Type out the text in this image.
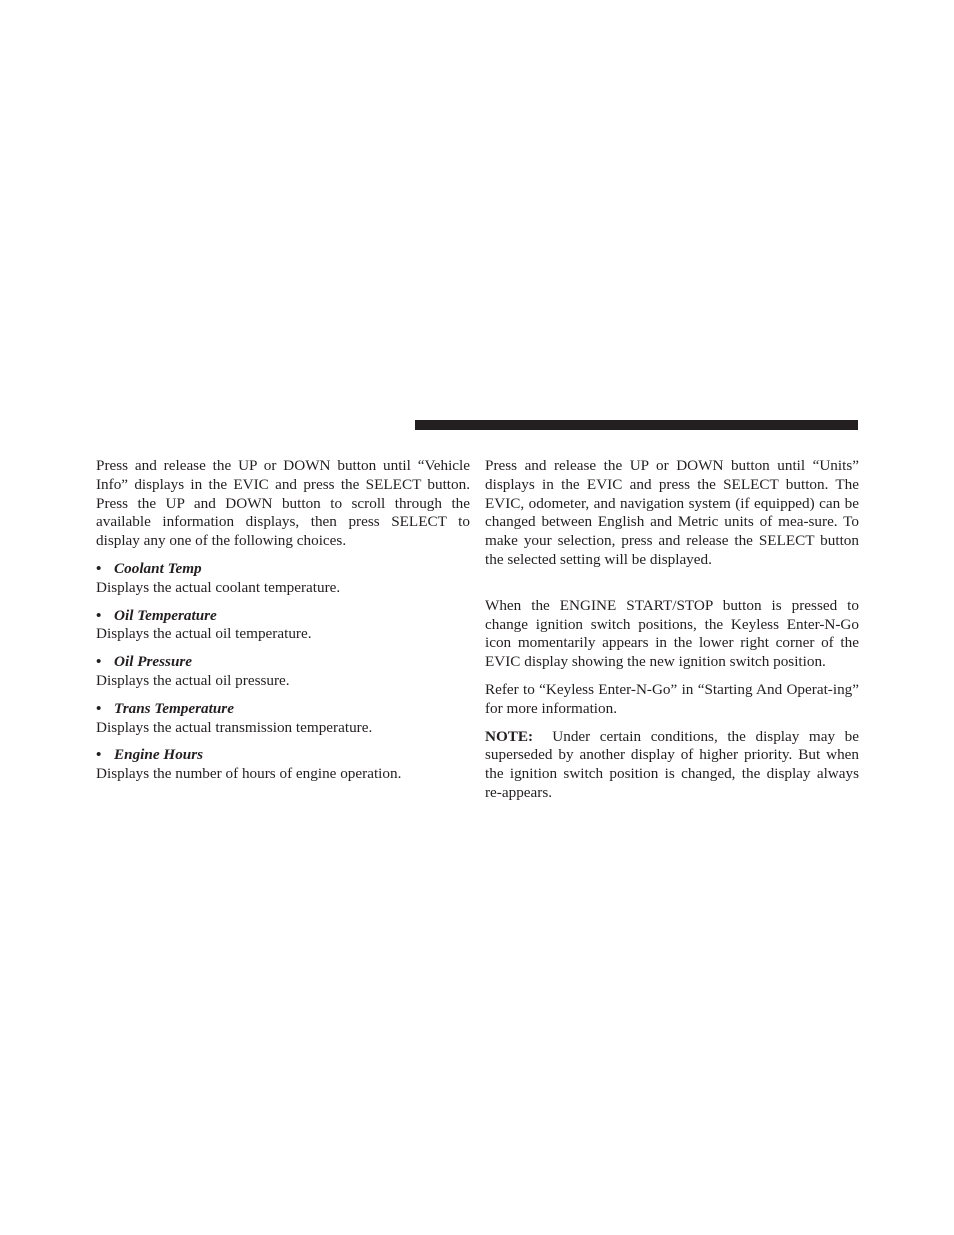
Press and release the UP or DOWN button until “Vehicle Info” displays in the EVIC and press the SELECT button. Press the UP and DOWN button to scroll through the available information displays, then press SELECT to display any one of the following choices.

• Coolant Temp

Displays the actual coolant temperature.

• Oil Temperature

Displays the actual oil temperature.

• Oil Pressure

Displays the actual oil pressure.

• Trans Temperature

Displays the actual transmission temperature.

• Engine Hours

Displays the number of hours of engine operation.

Press and release the UP or DOWN button until “Units” displays in the EVIC and press the SELECT button. The EVIC, odometer, and navigation system (if equipped) can be changed between English and Metric units of mea-sure. To make your selection, press and release the SELECT button the selected setting will be displayed.

When the ENGINE START/STOP button is pressed to change ignition switch positions, the Keyless Enter-N-Go icon momentarily appears in the lower right corner of the EVIC display showing the new ignition switch position.

Refer to “Keyless Enter-N-Go” in “Starting And Operat-ing” for more information.

NOTE: Under certain conditions, the display may be superseded by another display of higher priority. But when the ignition switch position is changed, the display always re-appears.
